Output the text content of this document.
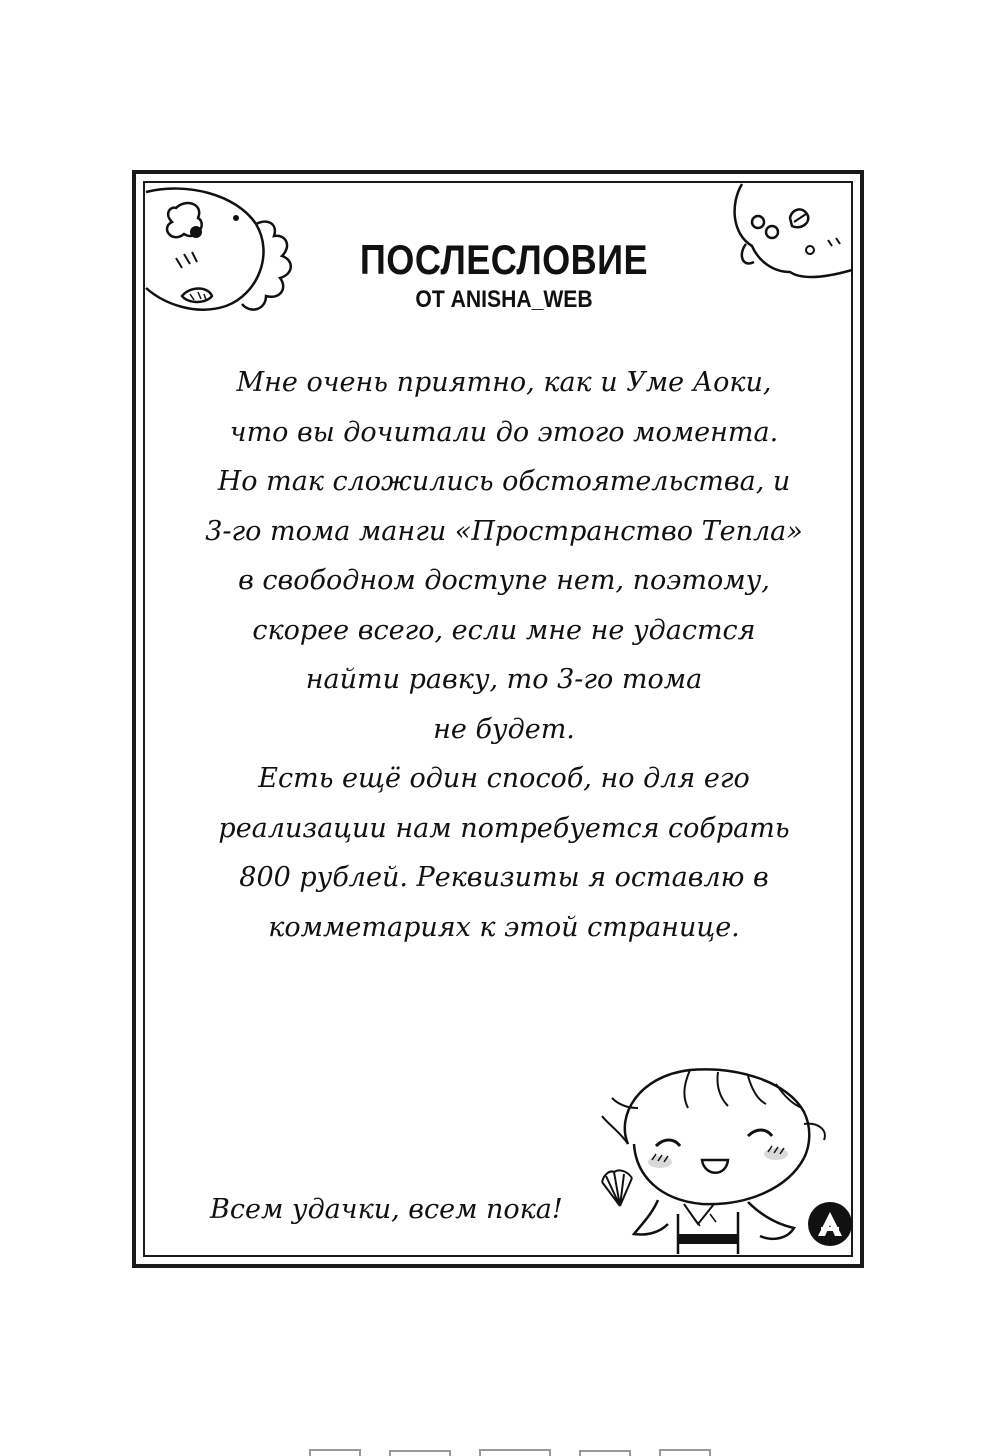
ПОСЛЕСЛОВИЕ
ОТ ANISHA_WEB
Мне очень приятно, как и Уме Аоки,
что вы дочитали до этого момента.
Но так сложились обстоятельства, и
3-го тома манги «Пространство Тепла»
в свободном доступе нет, поэтому,
скорее всего, если мне не удастся
найти равку, то 3-го тома
не будет.
Есть ещё один способ, но для его
реализации нам потребуется собрать
800 рублей. Реквизиты я оставлю в
комметариях к этой странице.

Всем удачки, всем пока!
